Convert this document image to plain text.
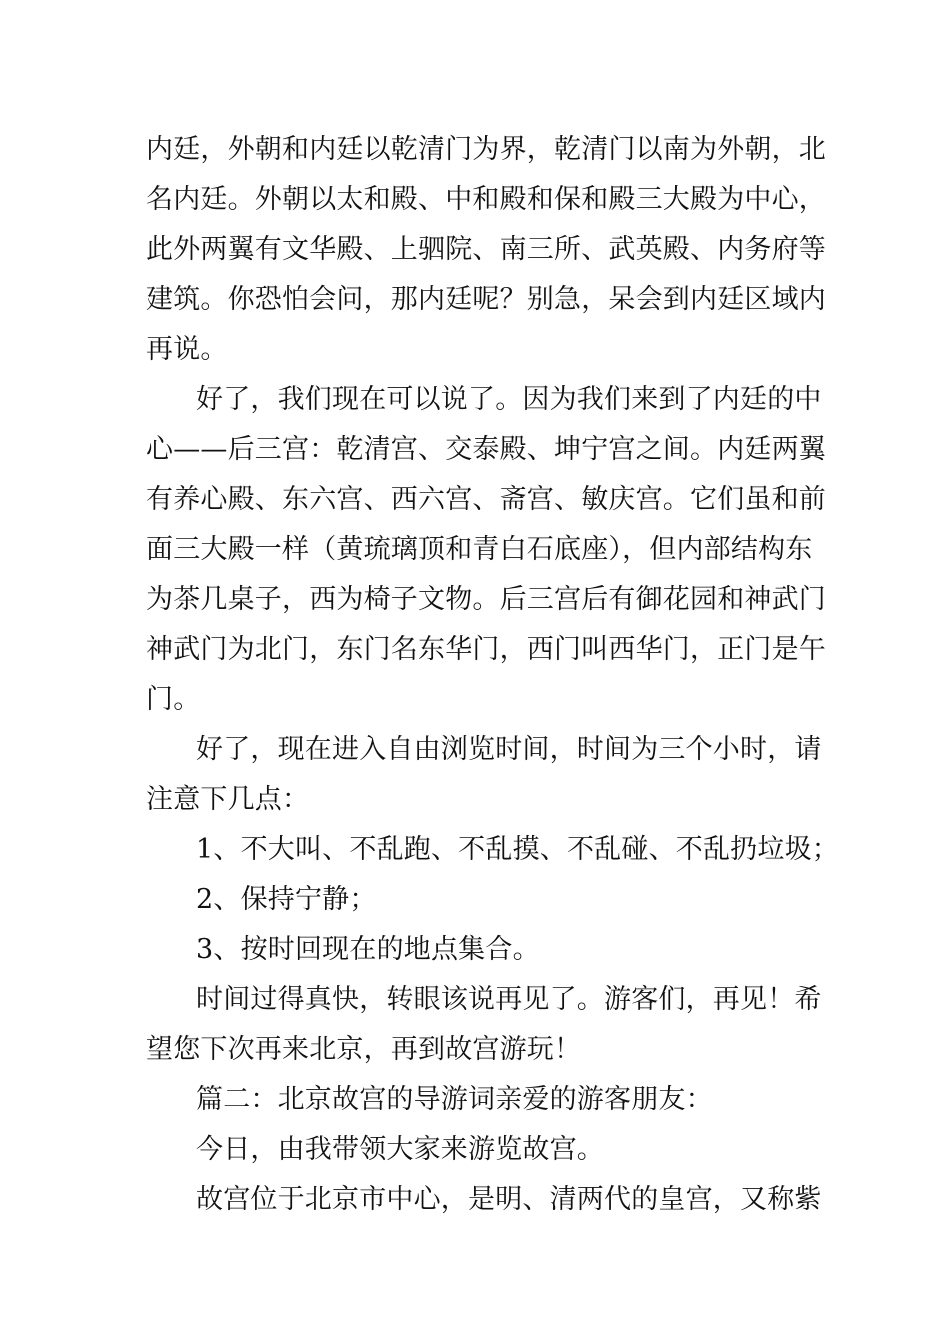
内廷，外朝和内廷以乾清门为界，乾清门以南为外朝，北
名内廷。外朝以太和殿、中和殿和保和殿三大殿为中心，
此外两翼有文华殿、上驷院、南三所、武英殿、内务府等
建筑。你恐怕会问，那内廷呢？别急，呆会到内廷区域内
再说。
好了，我们现在可以说了。因为我们来到了内廷的中
心——后三宫：乾清宫、交泰殿、坤宁宫之间。内廷两翼
有养心殿、东六宫、西六宫、斋宫、敏庆宫。它们虽和前
面三大殿一样（黄琉璃顶和青白石底座），但内部结构东
为茶几桌子，西为椅子文物。后三宫后有御花园和神武门
神武门为北门，东门名东华门，西门叫西华门，正门是午
门。
好了，现在进入自由浏览时间，时间为三个小时，请
注意下几点：
1、不大叫、不乱跑、不乱摸、不乱碰、不乱扔垃圾；
2、保持宁静；
3、按时回现在的地点集合。
时间过得真快，转眼该说再见了。游客们，再见！希
望您下次再来北京，再到故宫游玩！
篇二：北京故宫的导游词亲爱的游客朋友：
今日，由我带领大家来游览故宫。
故宫位于北京市中心，是明、清两代的皇宫，又称紫
